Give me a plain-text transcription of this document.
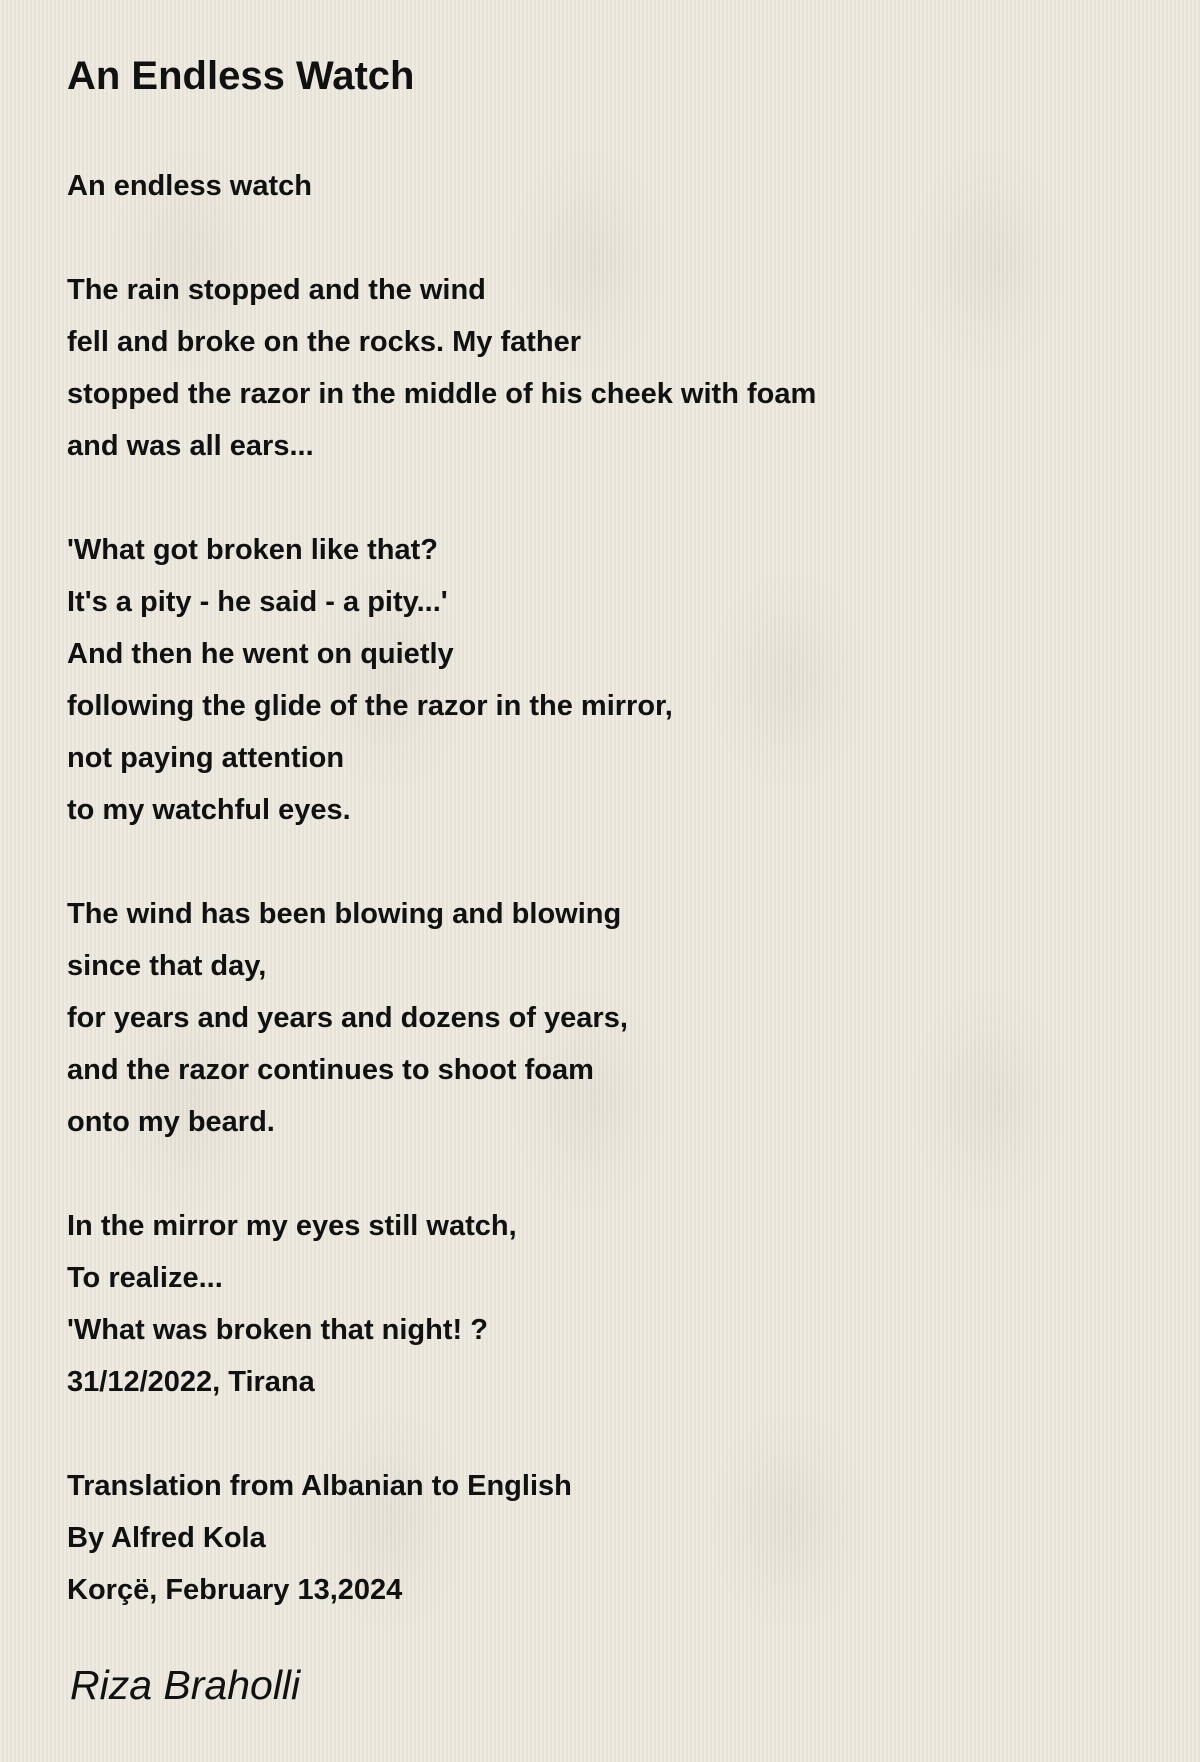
An Endless Watch
An endless watch
The rain stopped and the wind
fell and broke on the rocks. My father
stopped the razor in the middle of his cheek with foam
and was all ears...
'What got broken like that?
It's a pity - he said - a pity...'
And then he went on quietly
following the glide of the razor in the mirror,
not paying attention
to my watchful eyes.
The wind has been blowing and blowing
since that day,
for years and years and dozens of years,
and the razor continues to shoot foam
onto my beard.
In the mirror my eyes still watch,
To realize...
'What was broken that night! ?
31/12/2022, Tirana
Translation from Albanian to English
By Alfred Kola
Korçë, February 13,2024
Riza Braholli
